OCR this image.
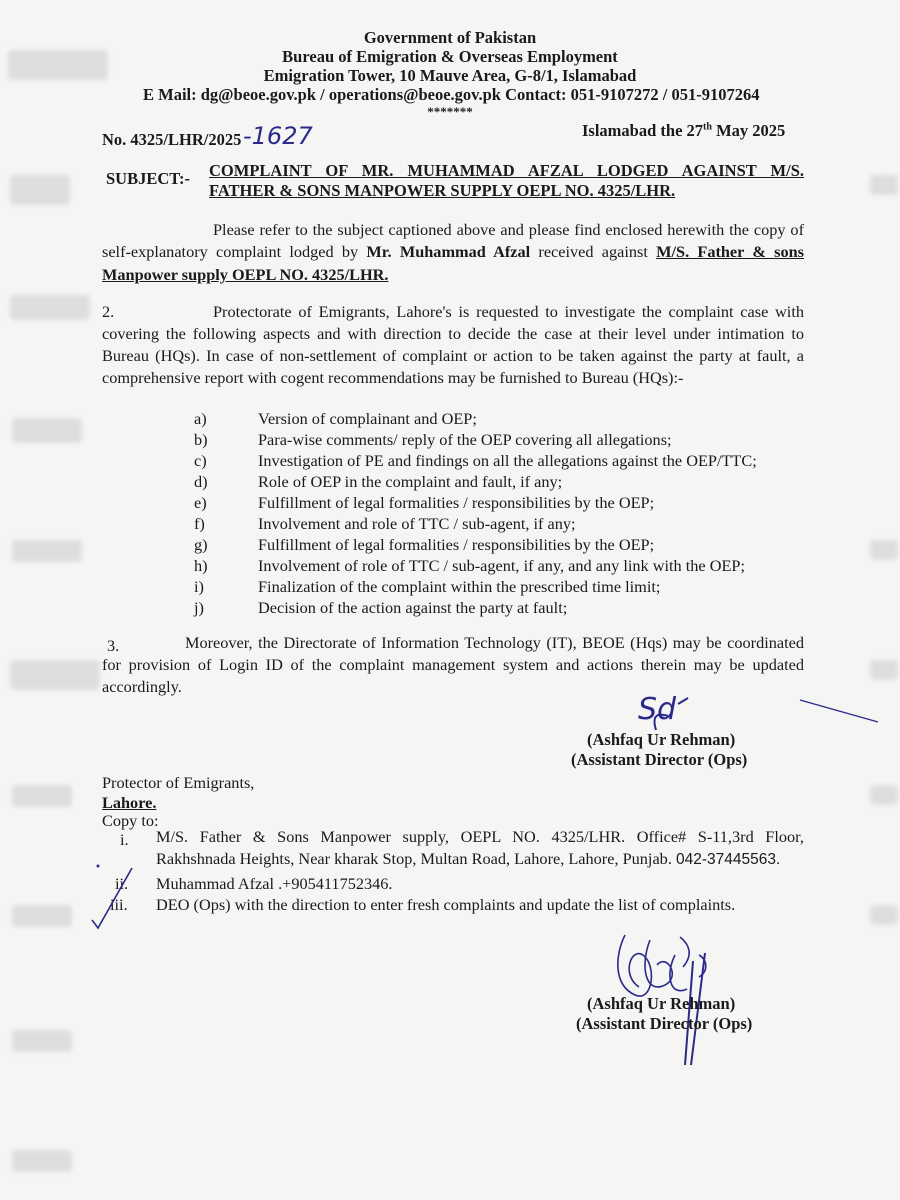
Government of Pakistan
Bureau of Emigration & Overseas Employment
Emigration Tower, 10 Mauve Area, G-8/1, Islamabad
E Mail: dg@beoe.gov.pk / operations@beoe.gov.pk Contact: 051-9107272 / 051-9107264
*******
No. 4325/LHR/2025 -1627	Islamabad the 27th May 2025
SUBJECT:- COMPLAINT OF MR. MUHAMMAD AFZAL LODGED AGAINST M/S.
FATHER & SONS MANPOWER SUPPLY OEPL NO. 4325/LHR.
Please refer to the subject captioned above and please find enclosed herewith the copy of
self-explanatory complaint lodged by Mr. Muhammad Afzal received against M/S. Father & sons
Manpower supply OEPL NO. 4325/LHR.
2.	Protectorate of Emigrants, Lahore's is requested to investigate the complaint case with
covering the following aspects and with direction to decide the case at their level under intimation to
Bureau (HQs). In case of non-settlement of complaint or action to be taken against the party at fault, a
comprehensive report with cogent recommendations may be furnished to Bureau (HQs):-
a)	Version of complainant and OEP;
b)	Para-wise comments/ reply of the OEP covering all allegations;
c)	Investigation of PE and findings on all the allegations against the OEP/TTC;
d)	Role of OEP in the complaint and fault, if any;
e)	Fulfillment of legal formalities / responsibilities by the OEP;
f)	Involvement and role of TTC / sub-agent, if any;
g)	Fulfillment of legal formalities / responsibilities by the OEP;
h)	Involvement of role of TTC / sub-agent, if any, and any link with the OEP;
i)	Finalization of the complaint within the prescribed time limit;
j)	Decision of the action against the party at fault;
3.	Moreover, the Directorate of Information Technology (IT), BEOE (Hqs) may be coordinated
for provision of Login ID of the complaint management system and actions therein may be updated
accordingly.
Sd
(Ashfaq Ur Rehman)
(Assistant Director (Ops)
Protector of Emigrants,
Lahore.
Copy to:
i. M/S. Father & Sons Manpower supply, OEPL NO. 4325/LHR. Office# S-11,3rd Floor,
Rakhshnada Heights, Near kharak Stop, Multan Road, Lahore, Lahore, Punjab. 042-37445563.
ii. Muhammad Afzal .+905411752346.
iii. DEO (Ops) with the direction to enter fresh complaints and update the list of complaints.
(Ashfaq Ur Rehman)
(Assistant Director (Ops)
